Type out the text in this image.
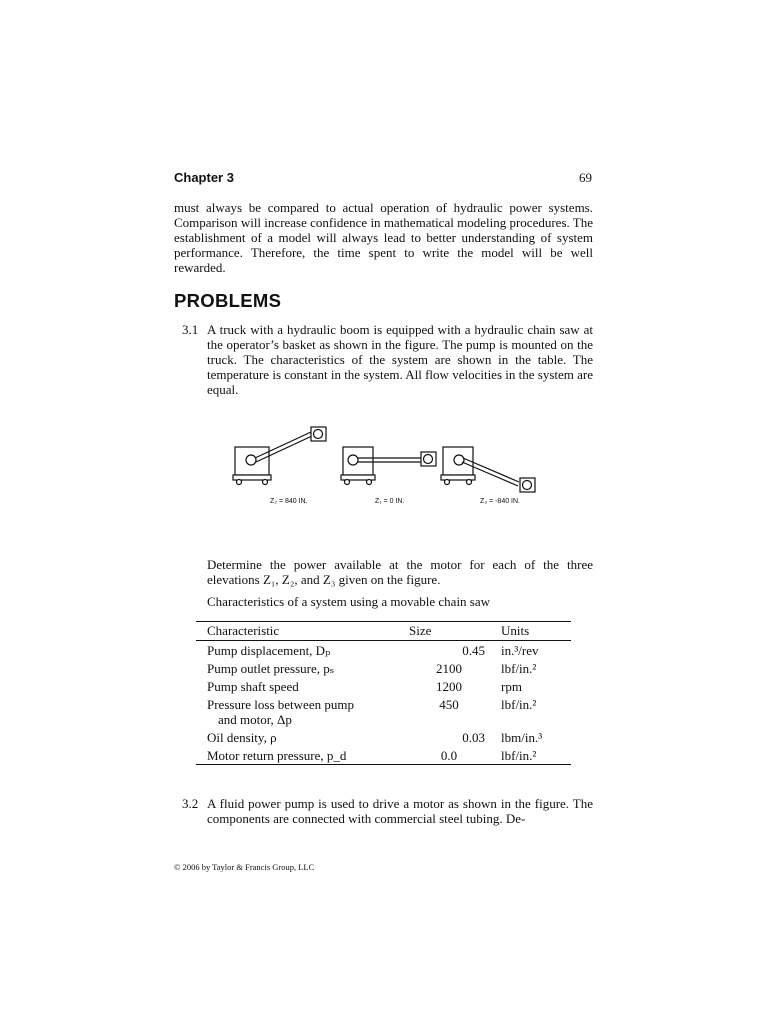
Chapter 3	69
must always be compared to actual operation of hydraulic power systems. Comparison will increase confidence in mathematical modeling procedures. The establishment of a model will always lead to better understanding of system performance. Therefore, the time spent to write the model will be well rewarded.
PROBLEMS
3.1 A truck with a hydraulic boom is equipped with a hydraulic chain saw at the operator’s basket as shown in the figure. The pump is mounted on the truck. The characteristics of the system are shown in the table. The temperature is constant in the system. All flow velocities in the system are equal.
Z₂ = 840 IN.	Z₁ = 0 IN.	Z₃ = -840 IN.
Determine the power available at the motor for each of the three elevations Z₁, Z₂, and Z₃ given on the figure.
Characteristics of a system using a movable chain saw
Characteristic	Size	Units
Pump displacement, Dₚ	0.45	in.³/rev
Pump outlet pressure, pₛ	2100	lbf/in.²
Pump shaft speed	1200	rpm
Pressure loss between pump
and motor, Δp	450	lbf/in.²
Oil density, ρ	0.03	lbm/in.³
Motor return pressure, p_d	0.0	lbf/in.²
3.2 A fluid power pump is used to drive a motor as shown in the figure. The components are connected with commercial steel tubing. De-
© 2006 by Taylor & Francis Group, LLC
